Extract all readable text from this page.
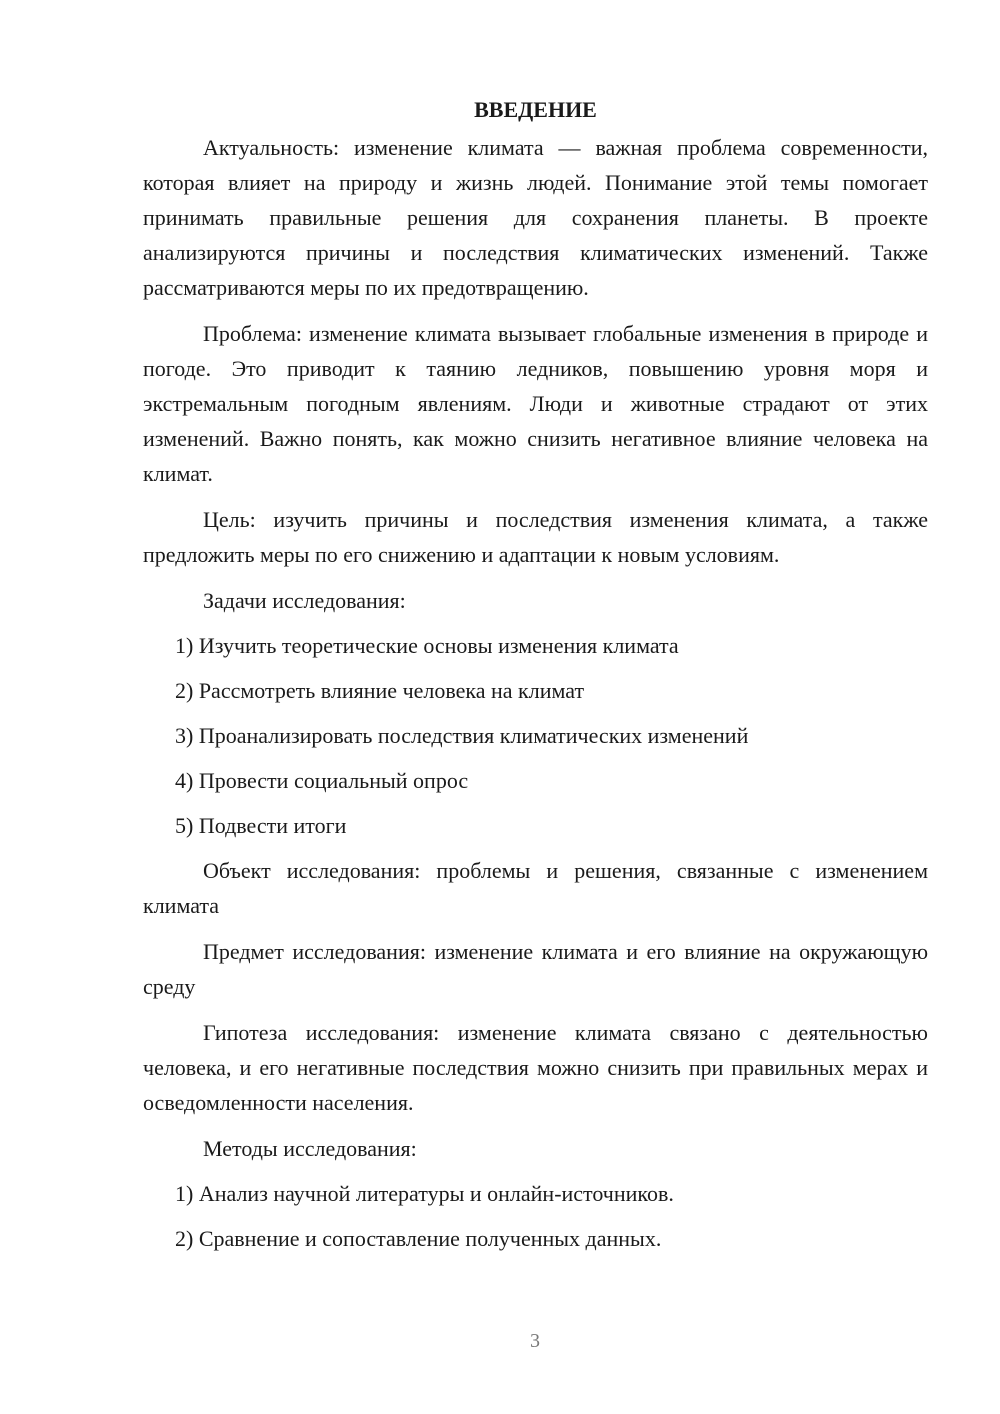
ВВЕДЕНИЕ
Актуальность: изменение климата — важная проблема современности, которая влияет на природу и жизнь людей. Понимание этой темы помогает принимать правильные решения для сохранения планеты. В проекте анализируются причины и последствия климатических изменений. Также рассматриваются меры по их предотвращению.
Проблема: изменение климата вызывает глобальные изменения в природе и погоде. Это приводит к таянию ледников, повышению уровня моря и экстремальным погодным явлениям. Люди и животные страдают от этих изменений. Важно понять, как можно снизить негативное влияние человека на климат.
Цель: изучить причины и последствия изменения климата, а также предложить меры по его снижению и адаптации к новым условиям.
Задачи исследования:
1) Изучить теоретические основы изменения климата
2) Рассмотреть влияние человека на климат
3) Проанализировать последствия климатических изменений
4) Провести социальный опрос
5) Подвести итоги
Объект исследования: проблемы и решения, связанные с изменением климата
Предмет исследования: изменение климата и его влияние на окружающую среду
Гипотеза исследования: изменение климата связано с деятельностью человека, и его негативные последствия можно снизить при правильных мерах и осведомленности населения.
Методы исследования:
1) Анализ научной литературы и онлайн-источников.
2) Сравнение и сопоставление полученных данных.
3
